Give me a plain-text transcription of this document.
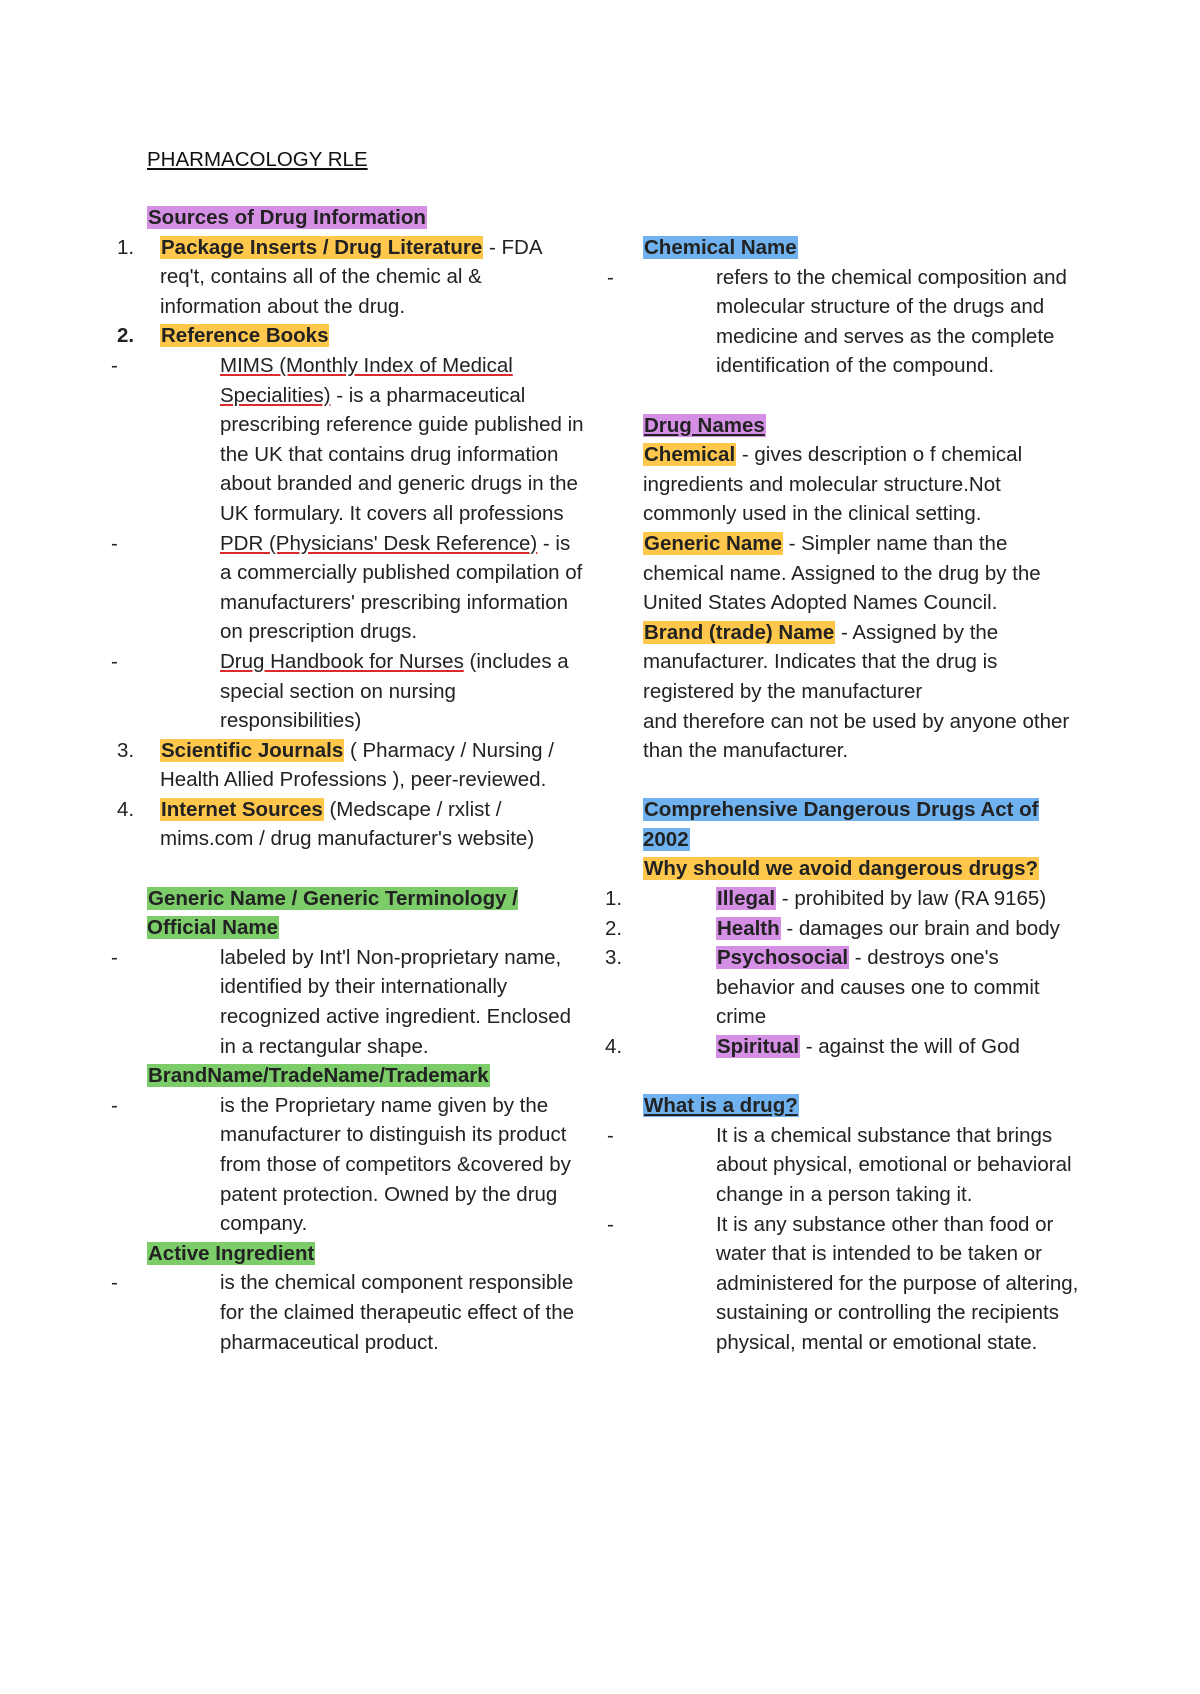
PHARMACOLOGY RLE
Sources of Drug Information
1.	Package Inserts / Drug Literature - FDA req't, contains all of the chemic al & information about the drug.
2.	Reference Books
-	MIMS (Monthly Index of Medical Specialities) - is a pharmaceutical prescribing reference guide published in the UK that contains drug information about branded and generic drugs in the UK formulary. It covers all professions
-	PDR (Physicians' Desk Reference) - is a commercially published compilation of manufacturers' prescribing information on prescription drugs.
-	Drug Handbook for Nurses (includes a special section on nursing responsibilities)
3.	Scientific Journals ( Pharmacy / Nursing / Health Allied Professions ), peer-reviewed.
4.	Internet Sources (Medscape / rxlist / mims.com / drug manufacturer's website)
Generic Name / Generic Terminology / Official Name
-	labeled by Int'l Non-proprietary name, identified by their internationally recognized active ingredient. Enclosed in a rectangular shape.
BrandName/TradeName/Trademark
-	is the Proprietary name given by the manufacturer to distinguish its product from those of competitors &covered by patent protection. Owned by the drug company.
Active Ingredient
-	is the chemical component responsible for the claimed therapeutic effect of the pharmaceutical product.
Chemical Name
-	refers to the chemical composition and molecular structure of the drugs and medicine and serves as the complete identification of the compound.
Drug Names
Chemical - gives description o f chemical ingredients and molecular structure.Not commonly used in the clinical setting.
Generic Name - Simpler name than the chemical name. Assigned to the drug by the United States Adopted Names Council.
Brand (trade) Name - Assigned by the manufacturer. Indicates that the drug is registered by the manufacturer
and therefore can not be used by anyone other than the manufacturer.
Comprehensive Dangerous Drugs Act of 2002
Why should we avoid dangerous drugs?
1.	Illegal - prohibited by law (RA 9165)
2.	Health - damages our brain and body
3.	Psychosocial - destroys one's behavior and causes one to commit crime
4.	Spiritual - against the will of God
What is a drug?
-	It is a chemical substance that brings about physical, emotional or behavioral change in a person taking it.
-	It is any substance other than food or water that is intended to be taken or administered for the purpose of altering, sustaining or controlling the recipients physical, mental or emotional state.
